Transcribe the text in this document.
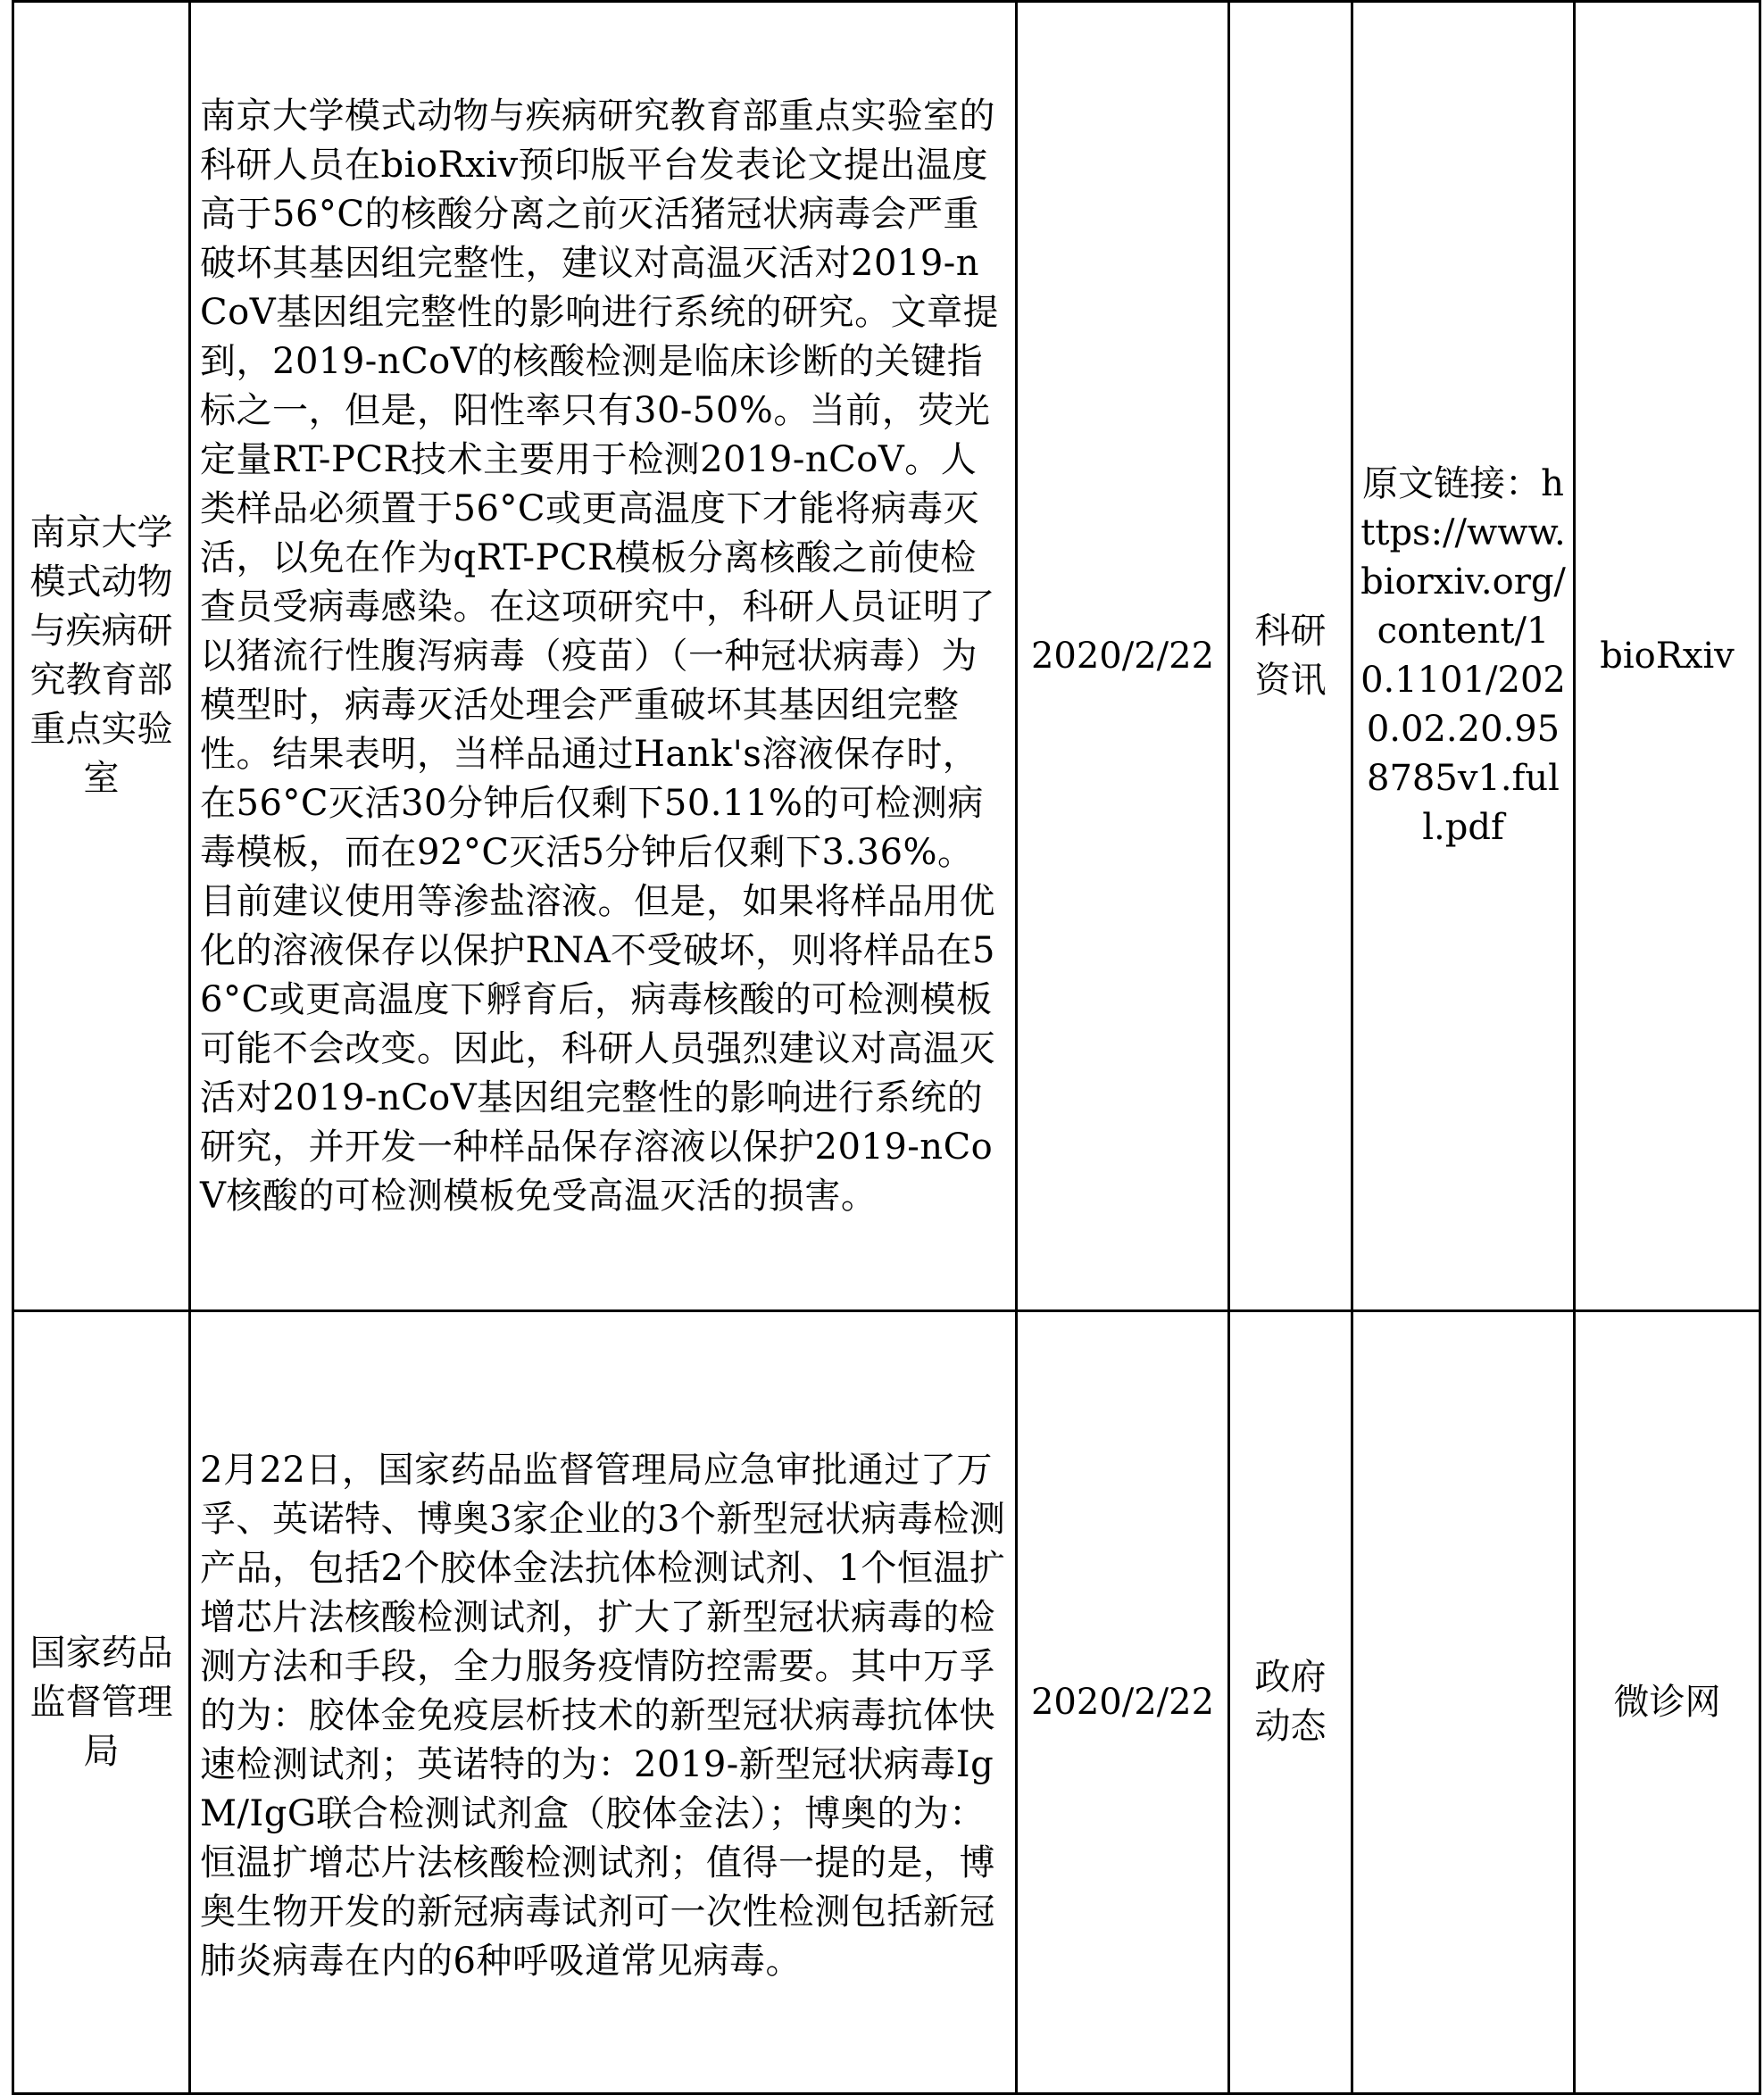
南京大学模式动物与疾病研究教育部重点实验室	南京大学模式动物与疾病研究教育部重点实验室的科研人员在bioRxiv预印版平台发表论文提出温度高于56°C的核酸分离之前灭活猪冠状病毒会严重破坏其基因组完整性，建议对高温灭活对2019-nCoV基因组完整性的影响进行系统的研究。文章提到，2019-nCoV的核酸检测是临床诊断的关键指标之一，但是，阳性率只有30-50%。当前，荧光定量RT-PCR技术主要用于检测2019-nCoV。人类样品必须置于56°C或更高温度下才能将病毒灭活，以免在作为qRT-PCR模板分离核酸之前使检查员受病毒感染。在这项研究中，科研人员证明了以猪流行性腹泻病毒（疫苗）（一种冠状病毒）为模型时，病毒灭活处理会严重破坏其基因组完整性。结果表明，当样品通过Hank's溶液保存时，在56°C灭活30分钟后仅剩下50.11%的可检测病毒模板，而在92°C灭活5分钟后仅剩下3.36%。目前建议使用等渗盐溶液。但是，如果将样品用优化的溶液保存以保护RNA不受破坏，则将样品在56°C或更高温度下孵育后，病毒核酸的可检测模板可能不会改变。因此，科研人员强烈建议对高温灭活对2019-nCoV基因组完整性的影响进行系统的研究，并开发一种样品保存溶液以保护2019-nCoV核酸的可检测模板免受高温灭活的损害。	2020/2/22	科研资讯	原文链接：https://www.biorxiv.org/content/10.1101/2020.02.20.958785v1.full.pdf	bioRxiv
国家药品监督管理局	2月22日，国家药品监督管理局应急审批通过了万孚、英诺特、博奥3家企业的3个新型冠状病毒检测产品，包括2个胶体金法抗体检测试剂、1个恒温扩增芯片法核酸检测试剂，扩大了新型冠状病毒的检测方法和手段，全力服务疫情防控需要。其中万孚的为：胶体金免疫层析技术的新型冠状病毒抗体快速检测试剂；英诺特的为：2019-新型冠状病毒IgM/IgG联合检测试剂盒（胶体金法）；博奥的为：恒温扩增芯片法核酸检测试剂；值得一提的是，博奥生物开发的新冠病毒试剂可一次性检测包括新冠肺炎病毒在内的6种呼吸道常见病毒。	2020/2/22	政府动态		微诊网
